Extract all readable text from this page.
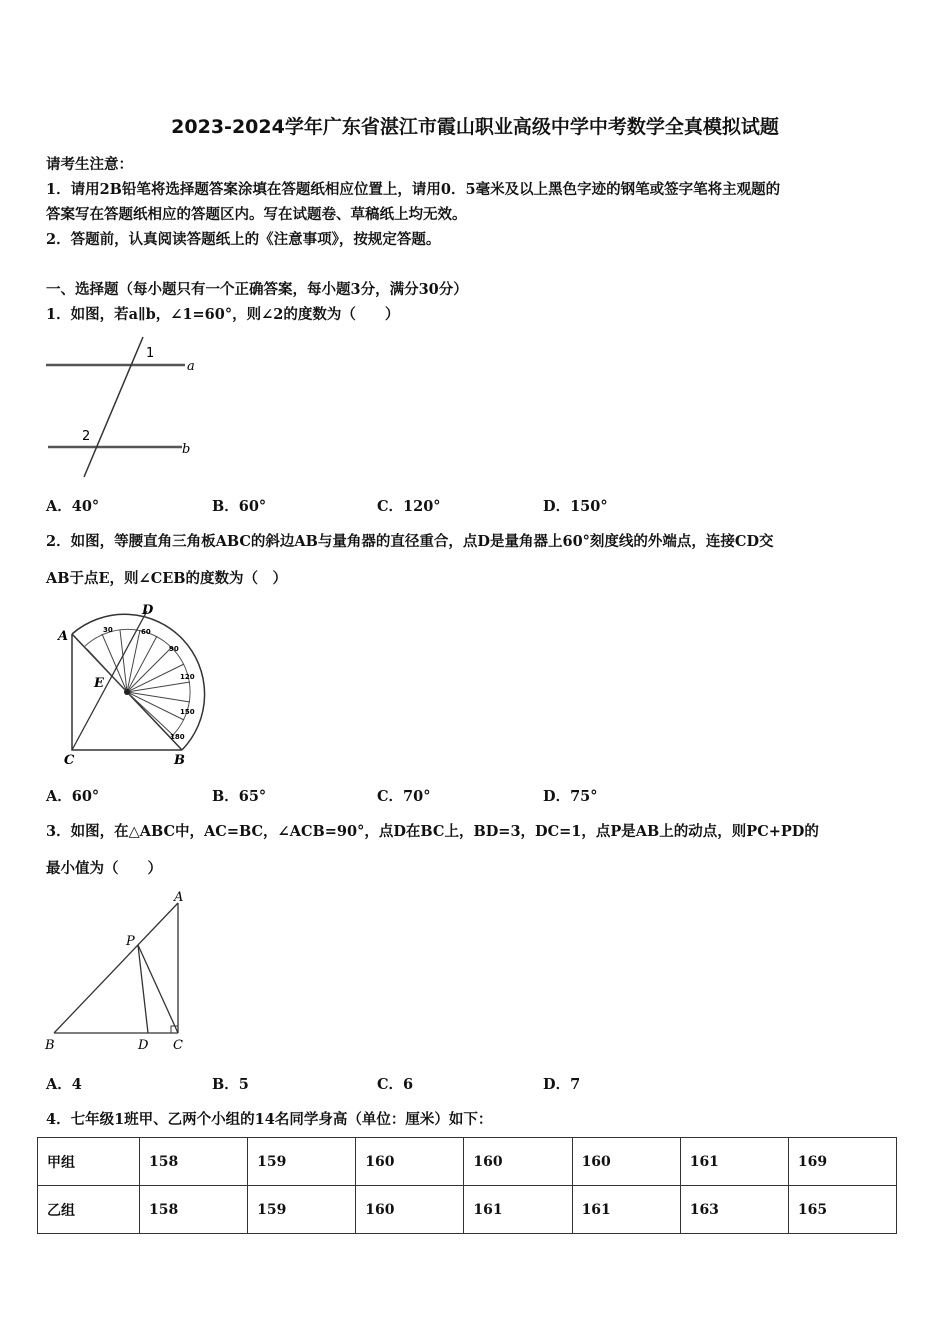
2023-2024学年广东省湛江市霞山职业高级中学中考数学全真模拟试题
请考生注意：
1．请用2B铅笔将选择题答案涂填在答题纸相应位置上，请用0．5毫米及以上黑色字迹的钢笔或签字笔将主观题的
答案写在答题纸相应的答题区内。写在试题卷、草稿纸上均无效。
2．答题前，认真阅读答题纸上的《注意事项》，按规定答题。
一、选择题（每小题只有一个正确答案，每小题3分，满分30分）
1．如图，若a∥b，∠1=60°，则∠2的度数为（　　）
1
2
a
b
A．40°	B．60°	C．120°	D．150°
2．如图，等腰直角三角板ABC的斜边AB与量角器的直径重合，点D是量角器上60°刻度线的外端点，连接CD交
AB于点E，则∠CEB的度数为（　）
30	60
90
120
150
180
A
D
E
C	B
A．60°	B．65°	C．70°	D．75°
3．如图，在△ABC中，AC=BC，∠ACB=90°，点D在BC上，BD=3，DC=1，点P是AB上的动点，则PC+PD的
最小值为（　　）
A
P
B	D C
A．4	B．5	C．6	D．7
4．七年级1班甲、乙两个小组的14名同学身高（单位：厘米）如下：
甲组	158	159	160	160	160	161	169
乙组	158	159	160	161	161	163	165
